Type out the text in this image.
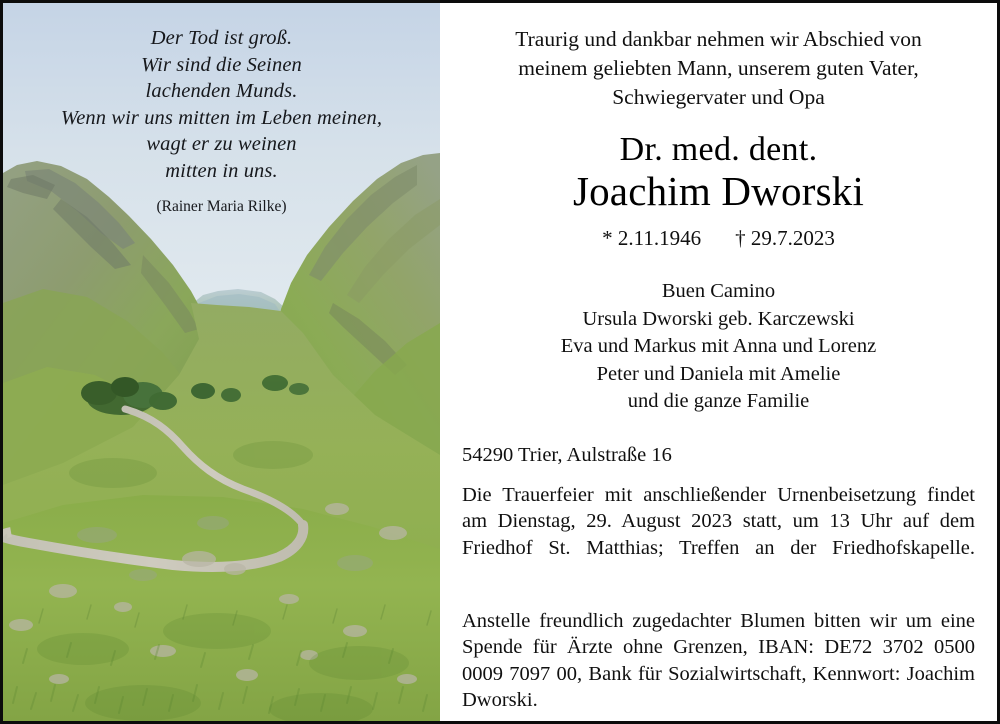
Der Tod ist groß.
Wir sind die Seinen
lachenden Munds.
Wenn wir uns mitten im Leben meinen,
wagt er zu weinen
mitten in uns.
(Rainer Maria Rilke)
Traurig und dankbar nehmen wir Abschied von
meinem geliebten Mann, unserem guten Vater,
Schwiegervater und Opa
Dr. med. dent.
Joachim Dworski
* 2.11.1946 † 29.7.2023
Buen Camino
Ursula Dworski geb. Karczewski
Eva und Markus mit Anna und Lorenz
Peter und Daniela mit Amelie
und die ganze Familie
54290 Trier, Aulstraße 16
Die Trauerfeier mit anschließender Urnenbeisetzung findet am Dienstag, 29. August 2023 statt, um 13 Uhr auf dem Friedhof St. Matthias; Treffen an der Friedhofskapelle.
Anstelle freundlich zugedachter Blumen bitten wir um eine Spende für Ärzte ohne Grenzen, IBAN: DE72 3702 0500 0009 7097 00, Bank für Sozialwirtschaft, Kennwort: Joachim Dworski.
